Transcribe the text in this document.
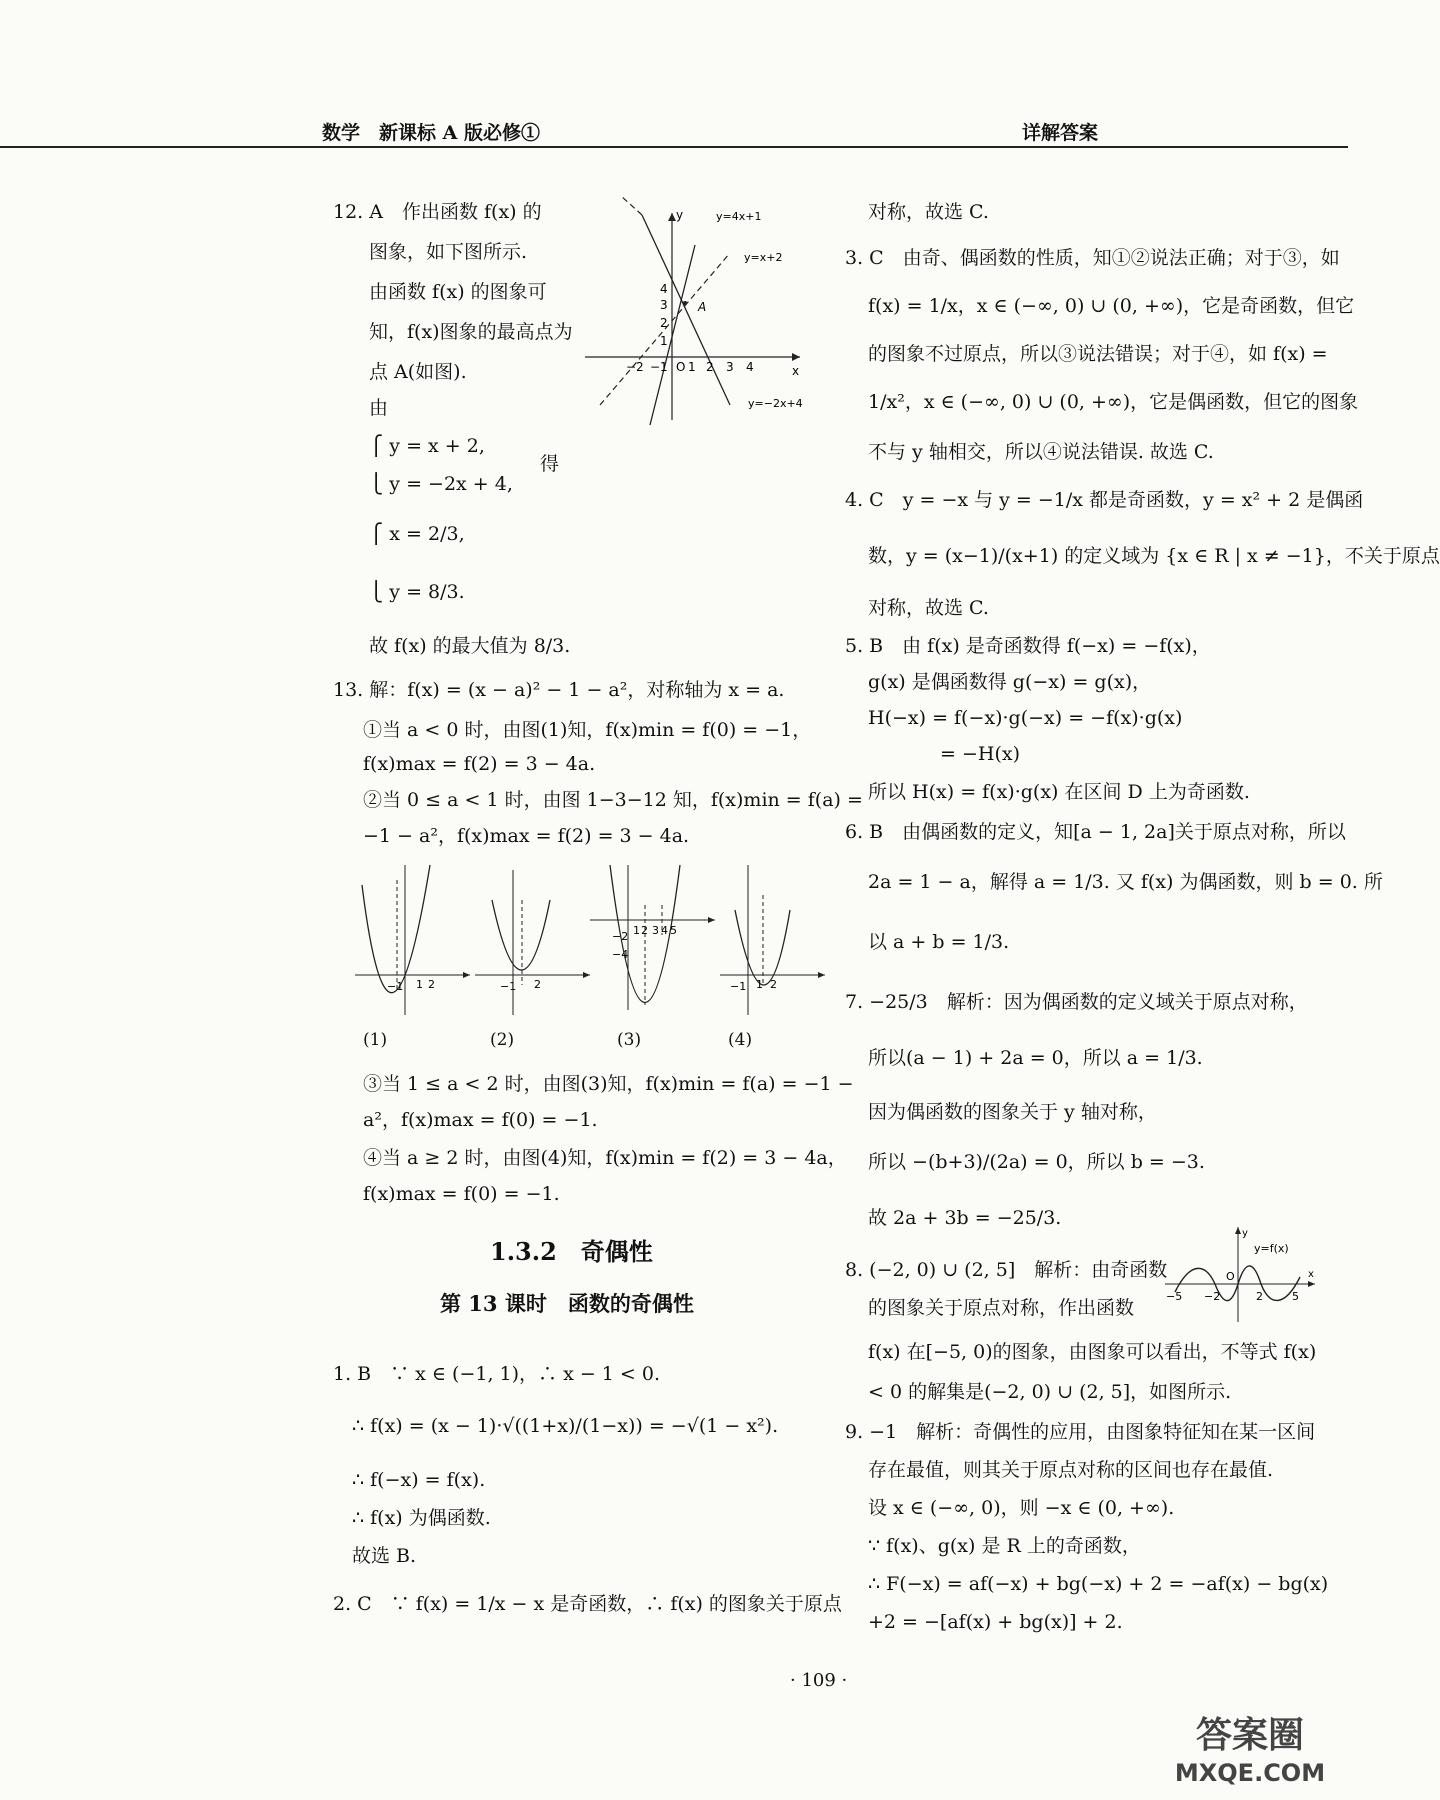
数学　新课标 A 版必修①	详解答案
12. A　作出函数 f(x) 的
图象，如下图所示.
由函数 f(x) 的图象可
知，f(x)图象的最高点为
点 A(如图).
由
⎧ y = x + 2,
⎩ y = −2x + 4,
得
⎧ x = 2/3,
⎩ y = 8/3.
故 f(x) 的最大值为 8/3.
13. 解：f(x) = (x − a)² − 1 − a²，对称轴为 x = a.
①当 a < 0 时，由图(1)知，f(x)min = f(0) = −1，
f(x)max = f(2) = 3 − 4a.
②当 0 ≤ a < 1 时，由图 1−3−12 知，f(x)min = f(a) =
−1 − a²，f(x)max = f(2) = 3 − 4a.
③当 1 ≤ a < 2 时，由图(3)知，f(x)min = f(a) = −1 −
a²，f(x)max = f(0) = −1.
④当 a ≥ 2 时，由图(4)知，f(x)min = f(2) = 3 − 4a，
f(x)max = f(0) = −1.
1.3.2　奇偶性
第 13 课时　函数的奇偶性
1. B　∵ x ∈ (−1, 1)，∴ x − 1 < 0.
∴ f(x) = (x − 1)·√((1+x)/(1−x)) = −√(1 − x²).
∴ f(−x) = f(x).
∴ f(x) 为偶函数.
故选 B.
2. C　∵ f(x) = 1/x − x 是奇函数，∴ f(x) 的图象关于原点
y
x
O
−2 −1 1 2 3 4
1
2
3
4
A
y=4x+1
y=x+2
y=−2x+4
−1 1 2	−1 2
−2
−4
1 2 3 4 5
−1 1 2
(1)	(2)	(3)	(4)
对称，故选 C.
3. C　由奇、偶函数的性质，知①②说法正确；对于③，如
f(x) = 1/x，x ∈ (−∞, 0) ∪ (0, +∞)，它是奇函数，但它
的图象不过原点，所以③说法错误；对于④，如 f(x) =
1/x²，x ∈ (−∞, 0) ∪ (0, +∞)，它是偶函数，但它的图象
不与 y 轴相交，所以④说法错误. 故选 C.
4. C　y = −x 与 y = −1/x 都是奇函数，y = x² + 2 是偶函
数，y = (x−1)/(x+1) 的定义域为 {x ∈ R | x ≠ −1}，不关于原点
对称，故选 C.
5. B　由 f(x) 是奇函数得 f(−x) = −f(x)，
g(x) 是偶函数得 g(−x) = g(x)，
H(−x) = f(−x)·g(−x) = −f(x)·g(x)
= −H(x)
所以 H(x) = f(x)·g(x) 在区间 D 上为奇函数.
6. B　由偶函数的定义，知[a − 1, 2a]关于原点对称，所以
2a = 1 − a，解得 a = 1/3. 又 f(x) 为偶函数，则 b = 0. 所
以 a + b = 1/3.
7. −25/3　解析：因为偶函数的定义域关于原点对称，
所以(a − 1) + 2a = 0，所以 a = 1/3.
因为偶函数的图象关于 y 轴对称，
所以 −(b+3)/(2a) = 0，所以 b = −3.
故 2a + 3b = −25/3.
8. (−2, 0) ∪ (2, 5]　解析：由奇函数
的图象关于原点对称，作出函数
f(x) 在[−5, 0)的图象，由图象可以看出，不等式 f(x)
< 0 的解集是(−2, 0) ∪ (2, 5]，如图所示.
9. −1　解析：奇偶性的应用，由图象特征知在某一区间
存在最值，则其关于原点对称的区间也存在最值.
设 x ∈ (−∞, 0)，则 −x ∈ (0, +∞).
∵ f(x)、g(x) 是 R 上的奇函数，
∴ F(−x) = af(−x) + bg(−x) + 2 = −af(x) − bg(x)
+2 = −[af(x) + bg(x)] + 2.
y
x
y=f(x)
O
−5 −2	2	5
· 109 ·
答案圈
MXQE.COM
